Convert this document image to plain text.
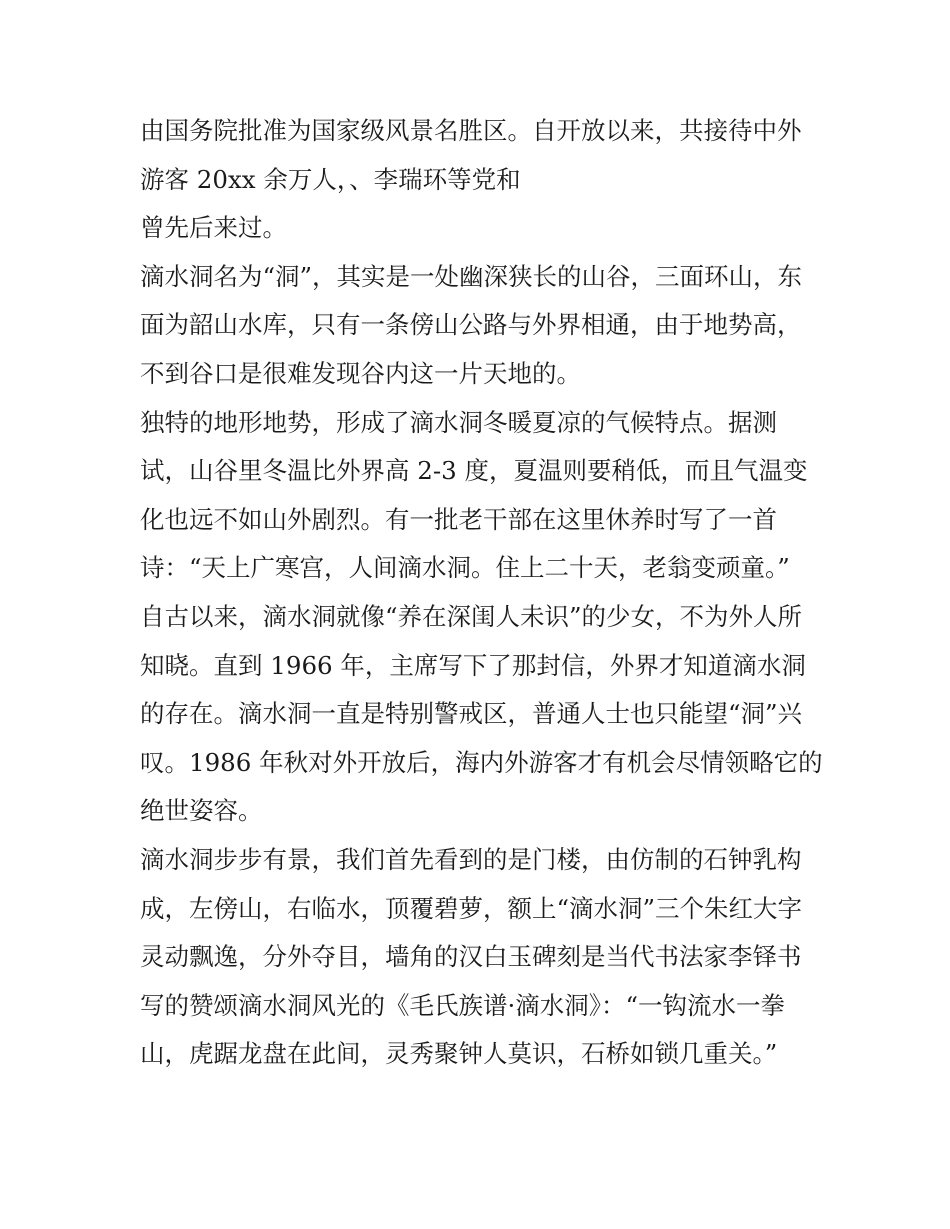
由国务院批准为国家级风景名胜区。自开放以来，共接待中外
游客 20xx 余万人，、李瑞环等党和
曾先后来过。
滴水洞名为“洞”，其实是一处幽深狭长的山谷，三面环山，东
面为韶山水库，只有一条傍山公路与外界相通，由于地势高，
不到谷口是很难发现谷内这一片天地的。
独特的地形地势，形成了滴水洞冬暖夏凉的气候特点。据测
试，山谷里冬温比外界高 2-3 度，夏温则要稍低，而且气温变
化也远不如山外剧烈。有一批老干部在这里休养时写了一首
诗：“天上广寒宫，人间滴水洞。住上二十天，老翁变顽童。”
自古以来，滴水洞就像“养在深闺人未识”的少女，不为外人所
知晓。直到 1966 年，主席写下了那封信，外界才知道滴水洞
的存在。滴水洞一直是特别警戒区，普通人士也只能望“洞”兴
叹。1986 年秋对外开放后，海内外游客才有机会尽情领略它的
绝世姿容。
滴水洞步步有景，我们首先看到的是门楼，由仿制的石钟乳构
成，左傍山，右临水，顶覆碧萝，额上“滴水洞”三个朱红大字
灵动飘逸，分外夺目，墙角的汉白玉碑刻是当代书法家李铎书
写的赞颂滴水洞风光的《毛氏族谱·滴水洞》：“一钩流水一拳
山，虎踞龙盘在此间，灵秀聚钟人莫识，石桥如锁几重关。”
